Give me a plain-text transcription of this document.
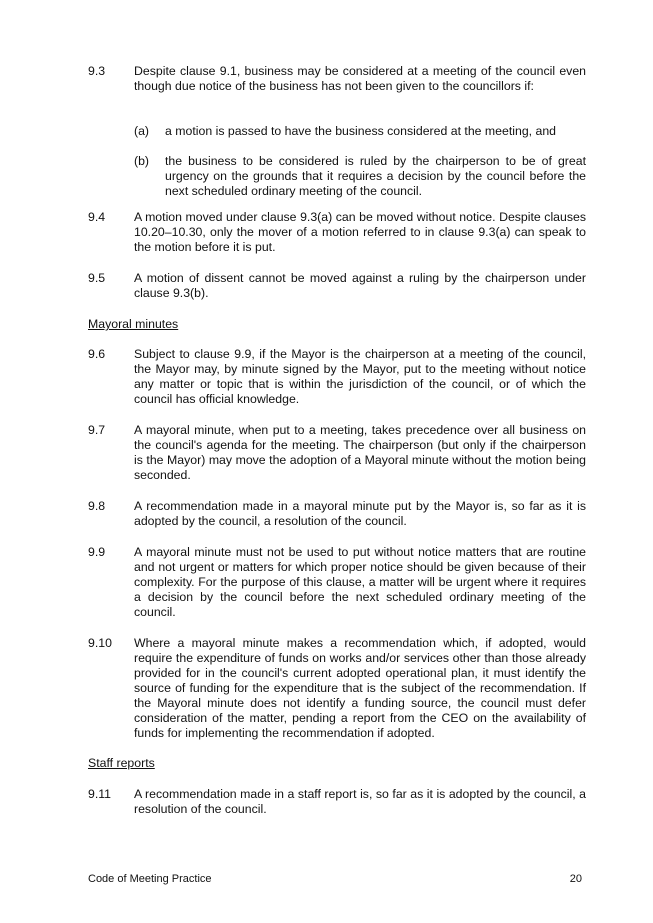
9.3 Despite clause 9.1, business may be considered at a meeting of the council even though due notice of the business has not been given to the councillors if:
(a) a motion is passed to have the business considered at the meeting, and
(b) the business to be considered is ruled by the chairperson to be of great urgency on the grounds that it requires a decision by the council before the next scheduled ordinary meeting of the council.
9.4 A motion moved under clause 9.3(a) can be moved without notice. Despite clauses 10.20–10.30, only the mover of a motion referred to in clause 9.3(a) can speak to the motion before it is put.
9.5 A motion of dissent cannot be moved against a ruling by the chairperson under clause 9.3(b).
Mayoral minutes
9.6 Subject to clause 9.9, if the Mayor is the chairperson at a meeting of the council, the Mayor may, by minute signed by the Mayor, put to the meeting without notice any matter or topic that is within the jurisdiction of the council, or of which the council has official knowledge.
9.7 A mayoral minute, when put to a meeting, takes precedence over all business on the council's agenda for the meeting. The chairperson (but only if the chairperson is the Mayor) may move the adoption of a Mayoral minute without the motion being seconded.
9.8 A recommendation made in a mayoral minute put by the Mayor is, so far as it is adopted by the council, a resolution of the council.
9.9 A mayoral minute must not be used to put without notice matters that are routine and not urgent or matters for which proper notice should be given because of their complexity. For the purpose of this clause, a matter will be urgent where it requires a decision by the council before the next scheduled ordinary meeting of the council.
9.10 Where a mayoral minute makes a recommendation which, if adopted, would require the expenditure of funds on works and/or services other than those already provided for in the council's current adopted operational plan, it must identify the source of funding for the expenditure that is the subject of the recommendation. If the Mayoral minute does not identify a funding source, the council must defer consideration of the matter, pending a report from the CEO on the availability of funds for implementing the recommendation if adopted.
Staff reports
9.11 A recommendation made in a staff report is, so far as it is adopted by the council, a resolution of the council.
Code of Meeting Practice	20
